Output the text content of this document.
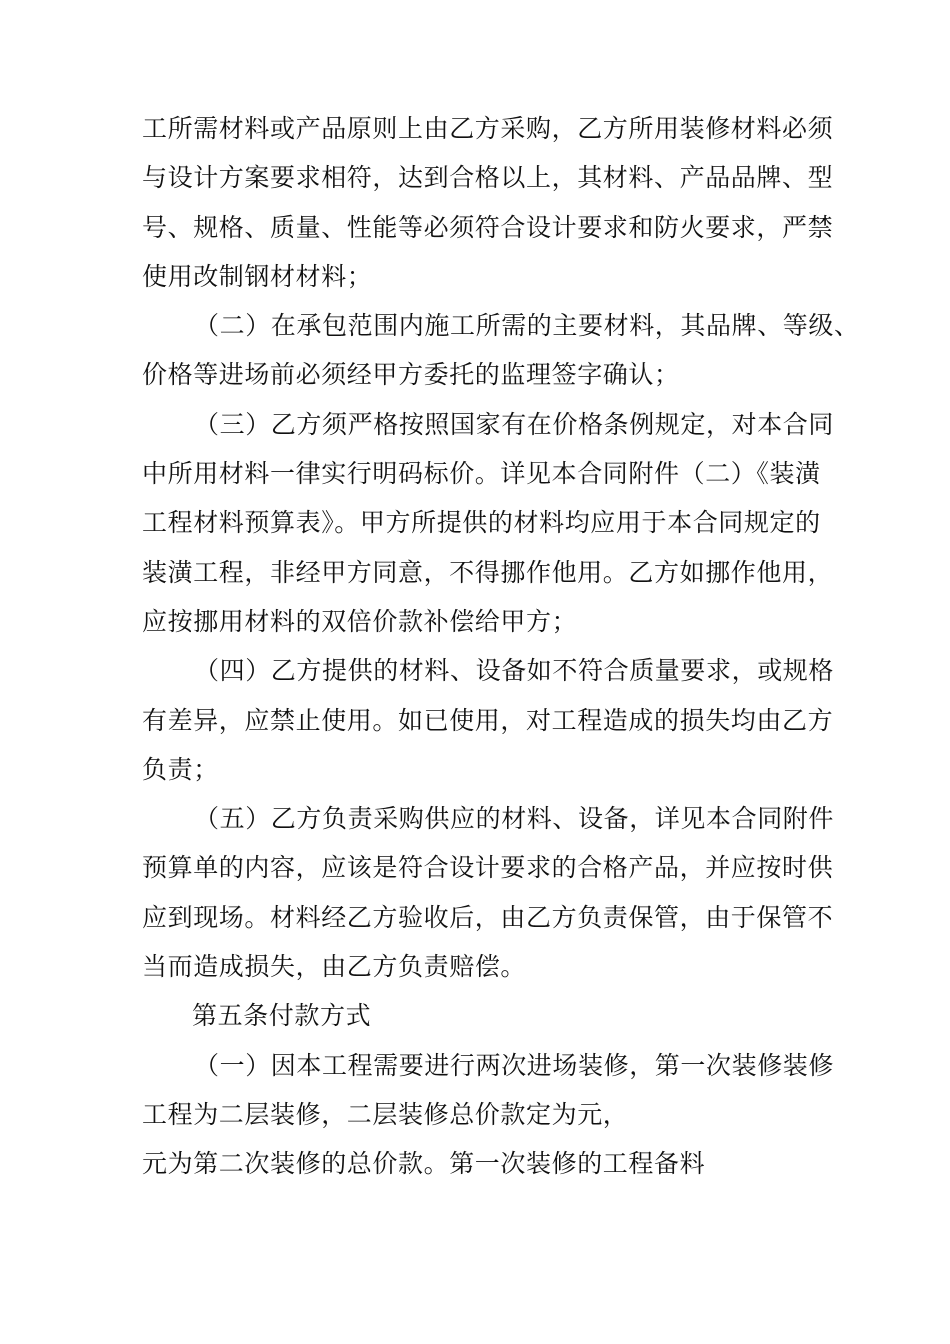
工所需材料或产品原则上由乙方采购，乙方所用装修材料必须
与设计方案要求相符，达到合格以上，其材料、产品品牌、型
号、规格、质量、性能等必须符合设计要求和防火要求，严禁
使用改制钢材材料；
（二）在承包范围内施工所需的主要材料，其品牌、等级、
价格等进场前必须经甲方委托的监理签字确认；
（三）乙方须严格按照国家有在价格条例规定，对本合同
中所用材料一律实行明码标价。详见本合同附件（二）《装潢
工程材料预算表》。甲方所提供的材料均应用于本合同规定的
装潢工程，非经甲方同意，不得挪作他用。乙方如挪作他用，
应按挪用材料的双倍价款补偿给甲方；
（四）乙方提供的材料、设备如不符合质量要求，或规格
有差异，应禁止使用。如已使用，对工程造成的损失均由乙方
负责；
（五）乙方负责采购供应的材料、设备，详见本合同附件
预算单的内容，应该是符合设计要求的合格产品，并应按时供
应到现场。材料经乙方验收后，由乙方负责保管，由于保管不
当而造成损失，由乙方负责赔偿。
第五条付款方式
（一）因本工程需要进行两次进场装修，第一次装修装修
工程为二层装修，二层装修总价款定为元，
元为第二次装修的总价款。第一次装修的工程备料
